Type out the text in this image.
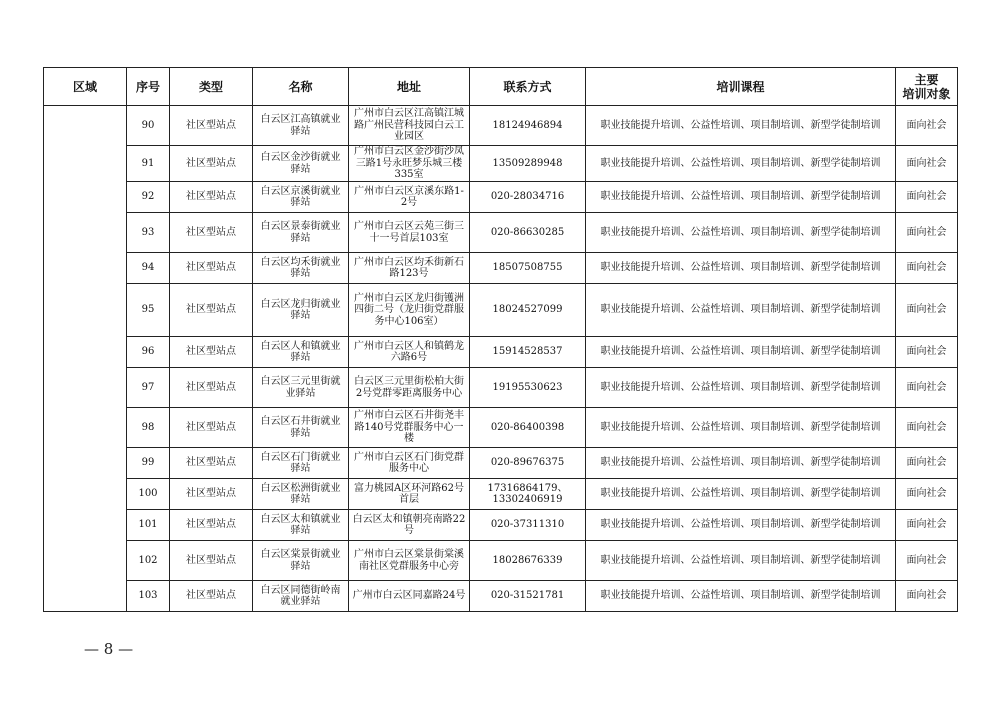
区域	序号	类型	名称	地址	联系方式	培训课程	主要
培训对象
	90	社区型站点	白云区江高镇就业驿站	广州市白云区江高镇江城路广州民营科技园白云工业园区	18124946894	职业技能提升培训、公益性培训、项目制培训、新型学徒制培训	面向社会
	91	社区型站点	白云区金沙街就业驿站	广州市白云区金沙街沙凤三路1号永旺梦乐城三楼335室	13509289948	职业技能提升培训、公益性培训、项目制培训、新型学徒制培训	面向社会
	92	社区型站点	白云区京溪街就业驿站	广州市白云区京溪东路1-2号	020-28034716	职业技能提升培训、公益性培训、项目制培训、新型学徒制培训	面向社会
	93	社区型站点	白云区景泰街就业驿站	广州市白云区云苑三街三十一号首层103室	020-86630285	职业技能提升培训、公益性培训、项目制培训、新型学徒制培训	面向社会
	94	社区型站点	白云区均禾街就业驿站	广州市白云区均禾街新石路123号	18507508755	职业技能提升培训、公益性培训、项目制培训、新型学徒制培训	面向社会
	95	社区型站点	白云区龙归街就业驿站	广州市白云区龙归街镬洲四街二号（龙归街党群服务中心106室）	18024527099	职业技能提升培训、公益性培训、项目制培训、新型学徒制培训	面向社会
	96	社区型站点	白云区人和镇就业驿站	广州市白云区人和镇鹤龙六路6号	15914528537	职业技能提升培训、公益性培训、项目制培训、新型学徒制培训	面向社会
	97	社区型站点	白云区三元里街就业驿站	白云区三元里街松柏大街2号党群零距离服务中心	19195530623	职业技能提升培训、公益性培训、项目制培训、新型学徒制培训	面向社会
	98	社区型站点	白云区石井街就业驿站	广州市白云区石井街尧丰路140号党群服务中心一楼	020-86400398	职业技能提升培训、公益性培训、项目制培训、新型学徒制培训	面向社会
	99	社区型站点	白云区石门街就业驿站	广州市白云区石门街党群服务中心	020-89676375	职业技能提升培训、公益性培训、项目制培训、新型学徒制培训	面向社会
	100	社区型站点	白云区松洲街就业驿站	富力桃园A区环河路62号首层	17316864179、13302406919	职业技能提升培训、公益性培训、项目制培训、新型学徒制培训	面向社会
	101	社区型站点	白云区太和镇就业驿站	白云区太和镇朝亮南路22号	020-37311310	职业技能提升培训、公益性培训、项目制培训、新型学徒制培训	面向社会
	102	社区型站点	白云区棠景街就业驿站	广州市白云区棠景街棠溪南社区党群服务中心旁	18028676339	职业技能提升培训、公益性培训、项目制培训、新型学徒制培训	面向社会
	103	社区型站点	白云区同德街岭南就业驿站	广州市白云区同嘉路24号	020-31521781	职业技能提升培训、公益性培训、项目制培训、新型学徒制培训	面向社会
— 8 —
